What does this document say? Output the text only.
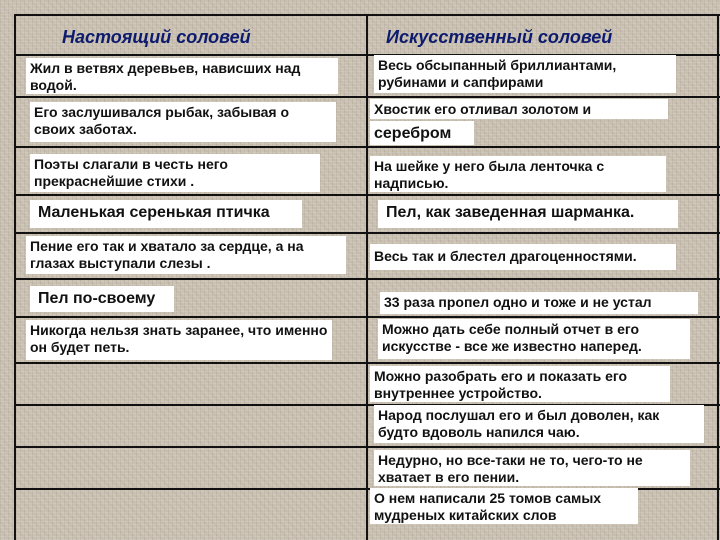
Настоящий соловей	Искусственный соловей
Жил в ветвях деревьев, нависших над водой.
Его заслушивался рыбак, забывая о своих заботах.
Поэты слагали в честь него прекраснейшие стихи .
Маленькая серенькая птичка
Пение его так и хватало за сердце, а на глазах выступали слезы .
Пел по-своему
Никогда нельзя знать заранее, что именно он будет петь.
Весь обсыпанный бриллиантами, рубинами и сапфирами
Хвостик его отливал золотом и
серебром
На шейке у него была ленточка с надписью.
Пел, как заведенная шарманка.
Весь так и блестел драгоценностями.
33 раза пропел одно и тоже и не устал
Можно дать себе полный отчет в его искусстве - все же известно наперед.
Можно разобрать его и показать его внутреннее устройство.
Народ послушал его и был доволен, как будто вдоволь напился чаю.
Недурно, но все-таки не то, чего-то не хватает в его пении.
О нем написали 25 томов самых мудреных китайских слов
